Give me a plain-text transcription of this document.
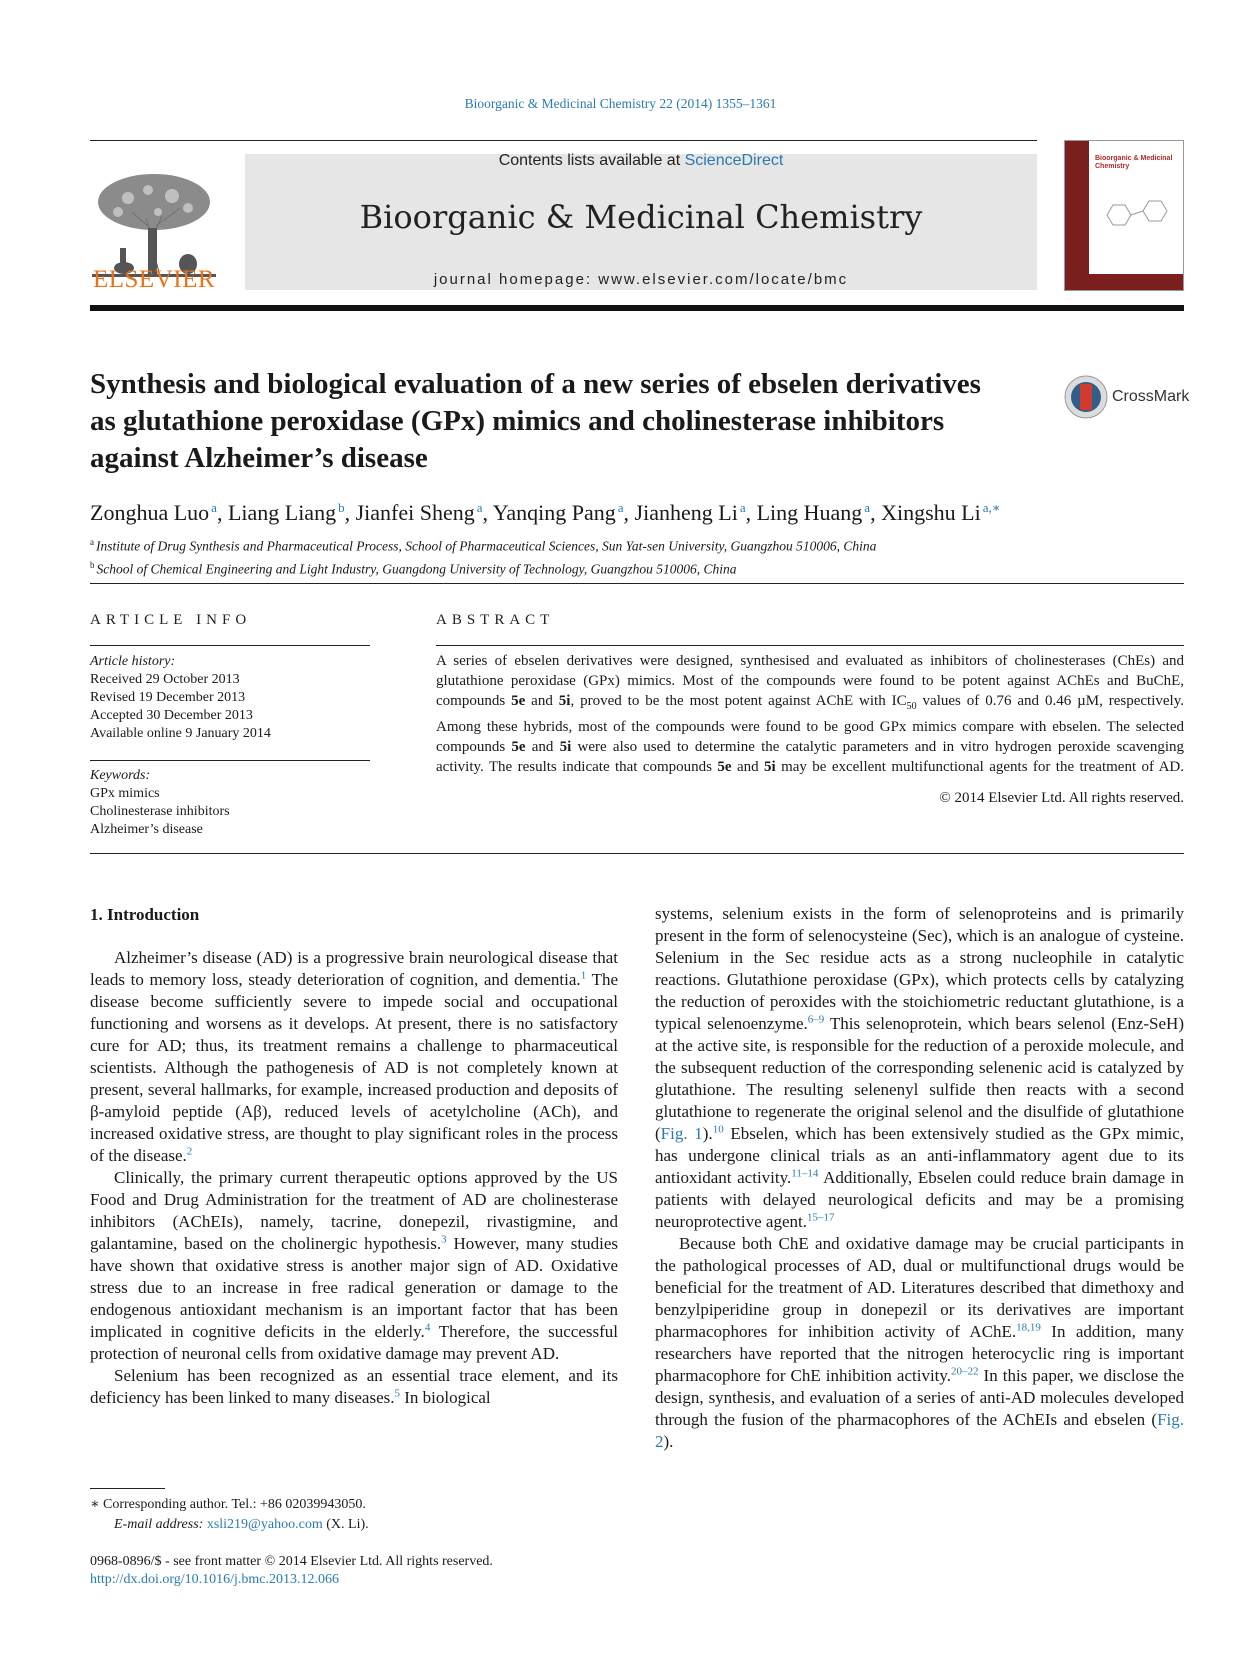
Bioorganic & Medicinal Chemistry 22 (2014) 1355–1361
ELSEVIER
Contents lists available at ScienceDirect
Bioorganic & Medicinal Chemistry
journal homepage: www.elsevier.com/locate/bmc
Bioorganic & Medicinal Chemistry
Synthesis and biological evaluation of a new series of ebselen derivatives as glutathione peroxidase (GPx) mimics and cholinesterase inhibitors against Alzheimer’s disease
CrossMark
Zonghua Luo $^a$, Liang Liang $^b$, Jianfei Sheng $^a$, Yanqing Pang $^a$, Jianheng Li $^a$, Ling Huang $^a$, Xingshu Li $^{a,∗}$
$^a$ Institute of Drug Synthesis and Pharmaceutical Process, School of Pharmaceutical Sciences, Sun Yat-sen University, Guangzhou 510006, China
$^b$ School of Chemical Engineering and Light Industry, Guangdong University of Technology, Guangzhou 510006, China
ARTICLE INFO
Article history:
Received 29 October 2013
Revised 19 December 2013
Accepted 30 December 2013
Available online 9 January 2014
Keywords:
GPx mimics
Cholinesterase inhibitors
Alzheimer’s disease
ABSTRACT

A series of ebselen derivatives were designed, synthesised and evaluated as inhibitors of cholinesterases (ChEs) and glutathione peroxidase (GPx) mimics. Most of the compounds were found to be potent against AChEs and BuChE, compounds 5e and 5i, proved to be the most potent against AChE with $IC_{50}$ values of 0.76 and 0.46 µM, respectively. Among these hybrids, most of the compounds were found to be good GPx mimics compare with ebselen. The selected compounds 5e and 5i were also used to determine the catalytic parameters and in vitro hydrogen peroxide scavenging activity. The results indicate that compounds 5e and 5i may be excellent multifunctional agents for the treatment of AD.

© 2014 Elsevier Ltd. All rights reserved.
1. Introduction

Alzheimer’s disease (AD) is a progressive brain neurological disease that leads to memory loss, steady deterioration of cognition, and dementia.$^1$ The disease become sufficiently severe to impede social and occupational functioning and worsens as it develops. At present, there is no satisfactory cure for AD; thus, its treatment remains a challenge to pharmaceutical scientists. Although the pathogenesis of AD is not completely known at present, several hallmarks, for example, increased production and deposits of β-amyloid peptide (Aβ), reduced levels of acetylcholine (ACh), and increased oxidative stress, are thought to play significant roles in the process of the disease.$^2$

Clinically, the primary current therapeutic options approved by the US Food and Drug Administration for the treatment of AD are cholinesterase inhibitors (AChEIs), namely, tacrine, donepezil, rivastigmine, and galantamine, based on the cholinergic hypothesis.$^3$ However, many studies have shown that oxidative stress is another major sign of AD. Oxidative stress due to an increase in free radical generation or damage to the endogenous antioxidant mechanism is an important factor that has been implicated in cognitive deficits in the elderly.$^4$ Therefore, the successful protection of neuronal cells from oxidative damage may prevent AD.

Selenium has been recognized as an essential trace element, and its deficiency has been linked to many diseases.$^5$ In biological

systems, selenium exists in the form of selenoproteins and is primarily present in the form of selenocysteine (Sec), which is an analogue of cysteine. Selenium in the Sec residue acts as a strong nucleophile in catalytic reactions. Glutathione peroxidase (GPx), which protects cells by catalyzing the reduction of peroxides with the stoichiometric reductant glutathione, is a typical selenoenzyme.$^{6-9}$ This selenoprotein, which bears selenol (Enz-SeH) at the active site, is responsible for the reduction of a peroxide molecule, and the subsequent reduction of the corresponding selenenic acid is catalyzed by glutathione. The resulting selenenyl sulfide then reacts with a second glutathione to regenerate the original selenol and the disulfide of glutathione (Fig. 1).$^{10}$ Ebselen, which has been extensively studied as the GPx mimic, has undergone clinical trials as an anti-inflammatory agent due to its antioxidant activity.$^{11-14}$ Additionally, Ebselen could reduce brain damage in patients with delayed neurological deficits and may be a promising neuroprotective agent.$^{15-17}$

Because both ChE and oxidative damage may be crucial participants in the pathological processes of AD, dual or multifunctional drugs would be beneficial for the treatment of AD. Literatures described that dimethoxy and benzylpiperidine group in donepezil or its derivatives are important pharmacophores for inhibition activity of AChE.$^{18,19}$ In addition, many researchers have reported that the nitrogen heterocyclic ring is important pharmacophore for ChE inhibition activity.$^{20-22}$ In this paper, we disclose the design, synthesis, and evaluation of a series of anti-AD molecules developed through the fusion of the pharmacophores of the AChEIs and ebselen (Fig. 2).

∗ Corresponding author. Tel.: +86 02039943050.
E-mail address: xsli219@yahoo.com (X. Li).
0968-0896/$ - see front matter © 2014 Elsevier Ltd. All rights reserved.
http://dx.doi.org/10.1016/j.bmc.2013.12.066
